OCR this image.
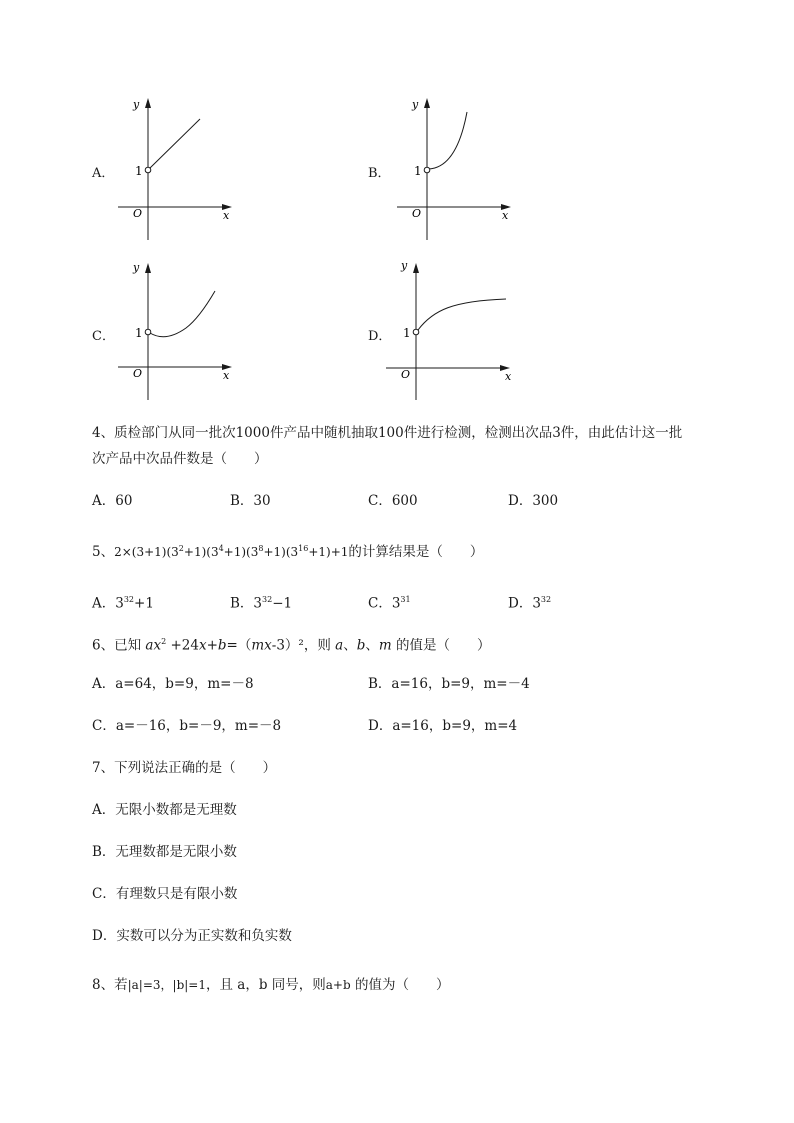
A．
y
x
O
1	B．
y
x
O
1
C．
y
x
O
1	D．
y
x
O
1
4、质检部门从同一批次1000件产品中随机抽取100件进行检测，检测出次品3件，由此估计这一批
次产品中次品件数是（　　）
A．60	B．30	C．600	D．300
5、$2\times(3+1)(3^2+1)(3^4+1)(3^8+1)(3^{16}+1)+1$的计算结果是（　　）
A．$3^{32}+1$	B．$3^{32}-1$	C．$3^{31}$	D．$3^{32}$
6、已知 $ax^2 +24x+b=(mx-3)^2$，则 a、b、m 的值是（　　）
A．a=64，b=9，m=－8	B．a=16，b=9，m=－4
C．a=－16，b=－9，m=－8	D．a=16，b=9，m=4
7、下列说法正确的是（　　）
A．无限小数都是无理数
B．无理数都是无限小数
C．有理数只是有限小数
D．实数可以分为正实数和负实数
8、若|a|=3，|b|=1，且 a，b 同号，则a+b 的值为（　　）
